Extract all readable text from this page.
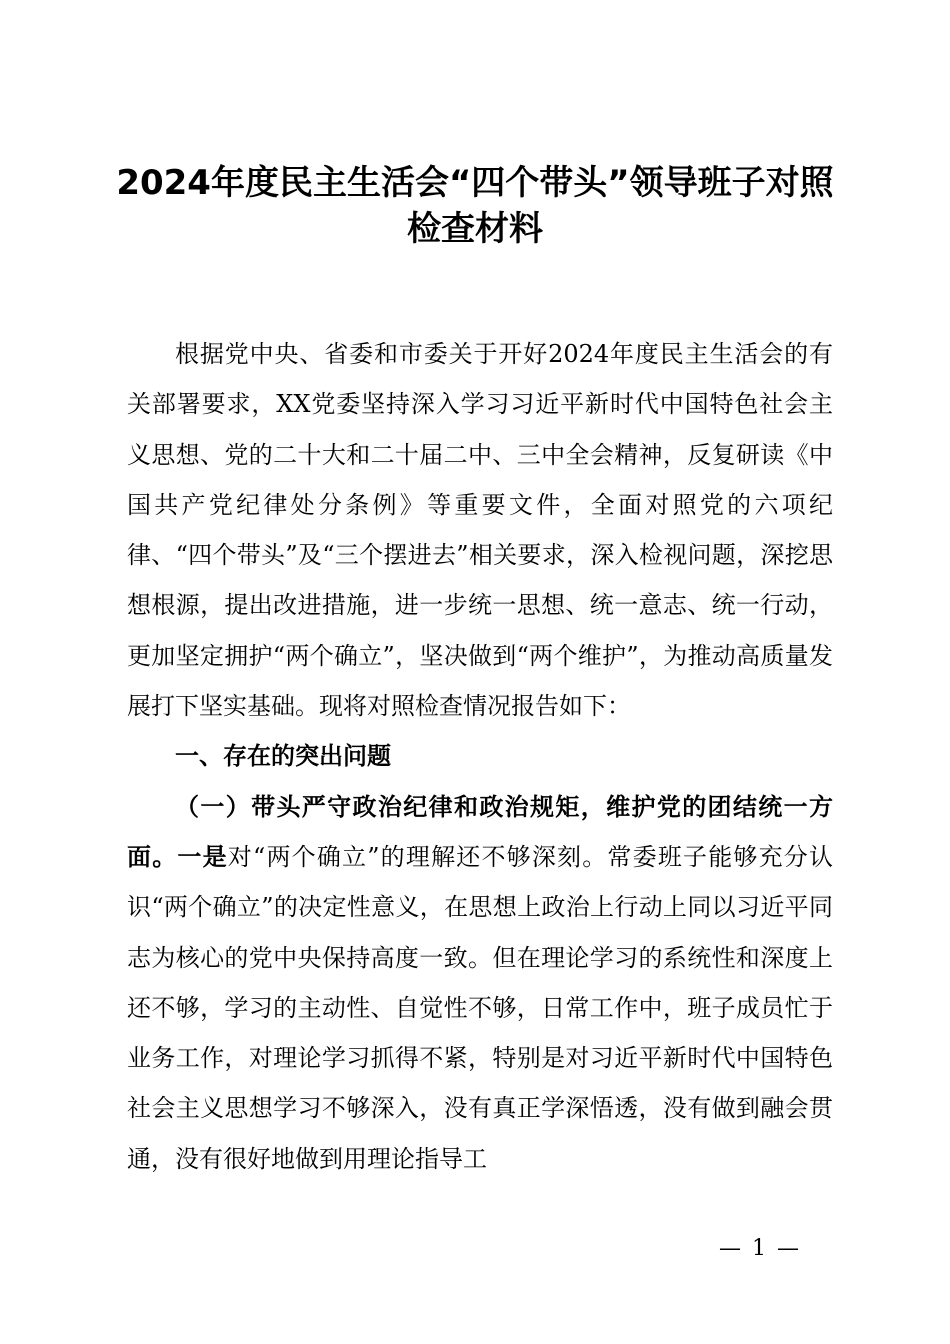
2024年度民主生活会“四个带头”领导班子对照
检查材料

根据党中央、省委和市委关于开好2024年度民主生活会的有关部署要求，XX党委坚持深入学习习近平新时代中国特色社会主义思想、党的二十大和二十届二中、三中全会精神，反复研读《中国共产党纪律处分条例》等重要文件，全面对照党的六项纪律、“四个带头”及“三个摆进去”相关要求，深入检视问题，深挖思想根源，提出改进措施，进一步统一思想、统一意志、统一行动，更加坚定拥护“两个确立”，坚决做到“两个维护”，为推动高质量发展打下坚实基础。现将对照检查情况报告如下：

一、存在的突出问题

（一）带头严守政治纪律和政治规矩，维护党的团结统一方面。一是对“两个确立”的理解还不够深刻。常委班子能够充分认识“两个确立”的决定性意义，在思想上政治上行动上同以习近平同志为核心的党中央保持高度一致。但在理论学习的系统性和深度上还不够，学习的主动性、自觉性不够，日常工作中，班子成员忙于业务工作，对理论学习抓得不紧，特别是对习近平新时代中国特色社会主义思想学习不够深入，没有真正学深悟透，没有做到融会贯通，没有很好地做到用理论指导工

— 1 —
